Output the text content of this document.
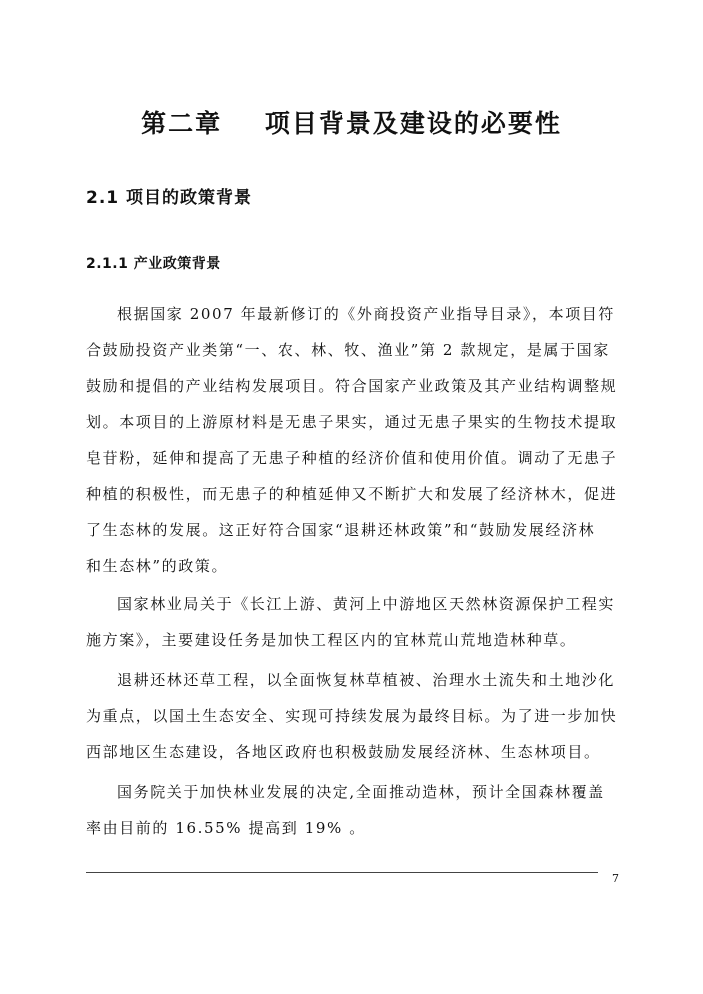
第二章    项目背景及建设的必要性
2.1 项目的政策背景
2.1.1 产业政策背景
根据国家 2007 年最新修订的《外商投资产业指导目录》，本项目符
合鼓励投资产业类第“一、农、林、牧、渔业”第 2 款规定，是属于国家
鼓励和提倡的产业结构发展项目。符合国家产业政策及其产业结构调整规
划。本项目的上游原材料是无患子果实，通过无患子果实的生物技术提取
皂苷粉，延伸和提高了无患子种植的经济价值和使用价值。调动了无患子
种植的积极性，而无患子的种植延伸又不断扩大和发展了经济林木，促进
了生态林的发展。这正好符合国家“退耕还林政策”和“鼓励发展经济林
和生态林”的政策。
国家林业局关于《长江上游、黄河上中游地区天然林资源保护工程实
施方案》，主要建设任务是加快工程区内的宜林荒山荒地造林种草。
退耕还林还草工程，以全面恢复林草植被、治理水土流失和土地沙化
为重点，以国土生态安全、实现可持续发展为最终目标。为了进一步加快
西部地区生态建设，各地区政府也积极鼓励发展经济林、生态林项目。
国务院关于加快林业发展的决定,全面推动造林，预计全国森林覆盖
率由目前的 16.55% 提高到 19% 。
7
